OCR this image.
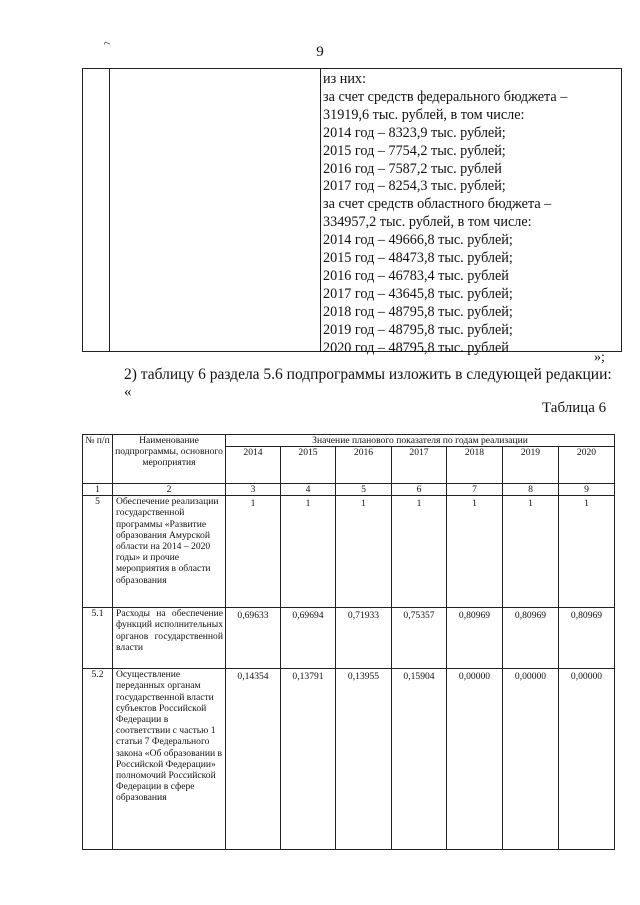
⌐
9
из них:
за счет средств федерального бюджета –
31919,6 тыс. рублей, в том числе:
2014 год – 8323,9 тыс. рублей;
2015 год – 7754,2 тыс. рублей;
2016 год – 7587,2 тыс. рублей
2017 год – 8254,3 тыс. рублей;
за счет средств областного бюджета –
334957,2 тыс. рублей, в том числе:
2014 год – 49666,8 тыс. рублей;
2015 год – 48473,8 тыс. рублей;
2016 год – 46783,4 тыс. рублей
2017 год – 43645,8 тыс. рублей;
2018 год – 48795,8 тыс. рублей;
2019 год – 48795,8 тыс. рублей;
2020 год – 48795,8 тыс. рублей
»;
2) таблицу 6 раздела 5.6 подпрограммы изложить в следующей редакции:
«
Таблица 6
№ п/п	Наименование подпрограммы, основного мероприятия	Значение планового показателя по годам реализации						
		2014	2015	2016	2017	2018	2019	2020
1	2	3	4	5	6	7	8	9
5	Обеспечение реализации государственной программы «Развитие образования Амурской области на 2014 – 2020 годы» и прочие мероприятия в области образования	1	1	1	1	1	1	1
5.1	Расходы на обеспечение функций исполнительных органов государственной власти	0,69633	0,69694	0,71933	0,75357	0,80969	0,80969	0,80969
5.2	Осуществление переданных органам государственной власти субъектов Российской Федерации в соответствии с частью 1 статьи 7 Федерального закона «Об образовании в Российской Федерации» полномочий Российской Федерации в сфере образования	0,14354	0,13791	0,13955	0,15904	0,00000	0,00000	0,00000
